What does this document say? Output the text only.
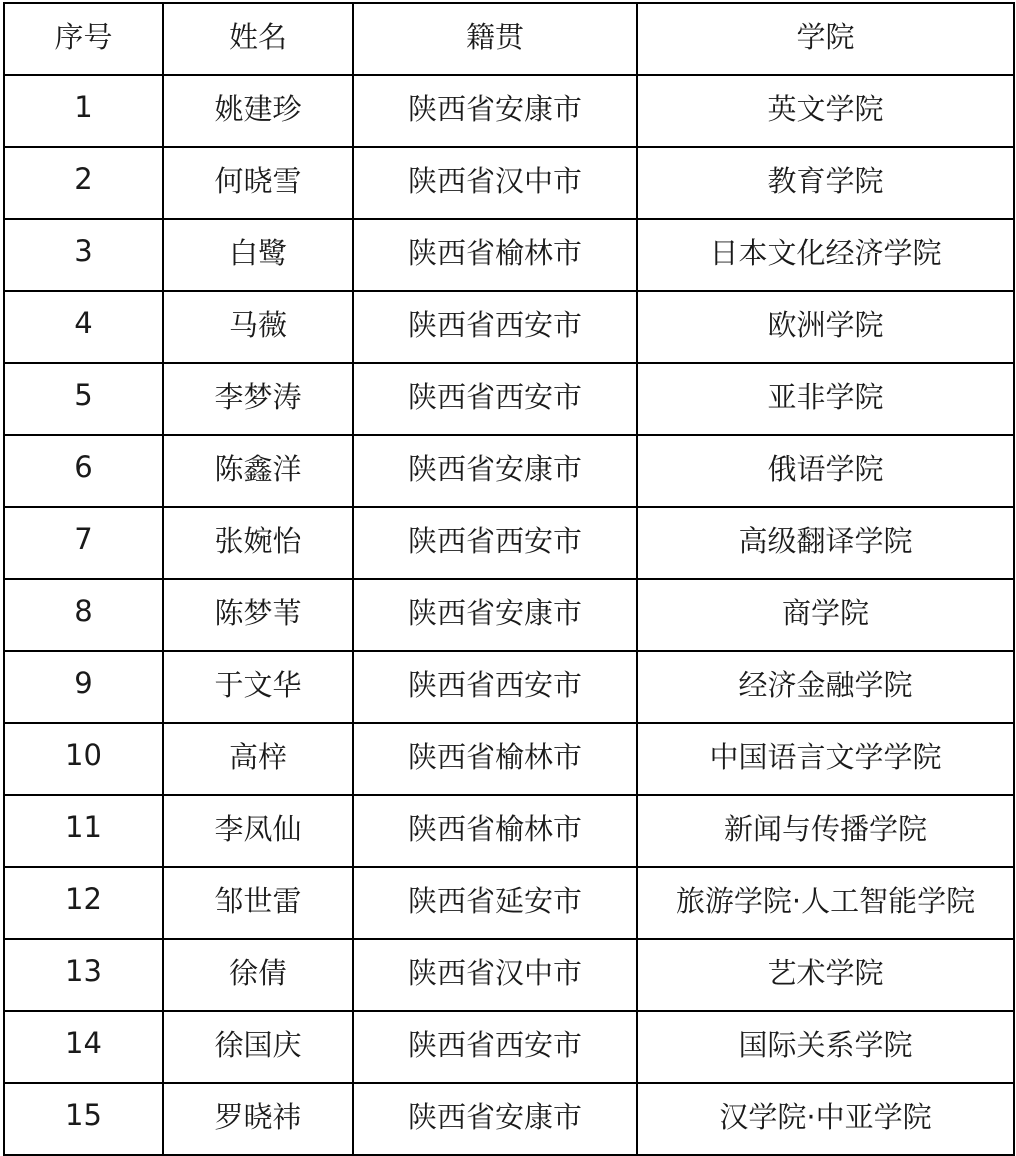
序号	姓名	籍贯	学院
1	姚建珍	陕西省安康市	英文学院
2	何晓雪	陕西省汉中市	教育学院
3	白鹭	陕西省榆林市	日本文化经济学院
4	马薇	陕西省西安市	欧洲学院
5	李梦涛	陕西省西安市	亚非学院
6	陈鑫洋	陕西省安康市	俄语学院
7	张婉怡	陕西省西安市	高级翻译学院
8	陈梦苇	陕西省安康市	商学院
9	于文华	陕西省西安市	经济金融学院
10	高梓	陕西省榆林市	中国语言文学学院
11	李凤仙	陕西省榆林市	新闻与传播学院
12	邹世雷	陕西省延安市	旅游学院·人工智能学院
13	徐倩	陕西省汉中市	艺术学院
14	徐国庆	陕西省西安市	国际关系学院
15	罗晓祎	陕西省安康市	汉学院·中亚学院
